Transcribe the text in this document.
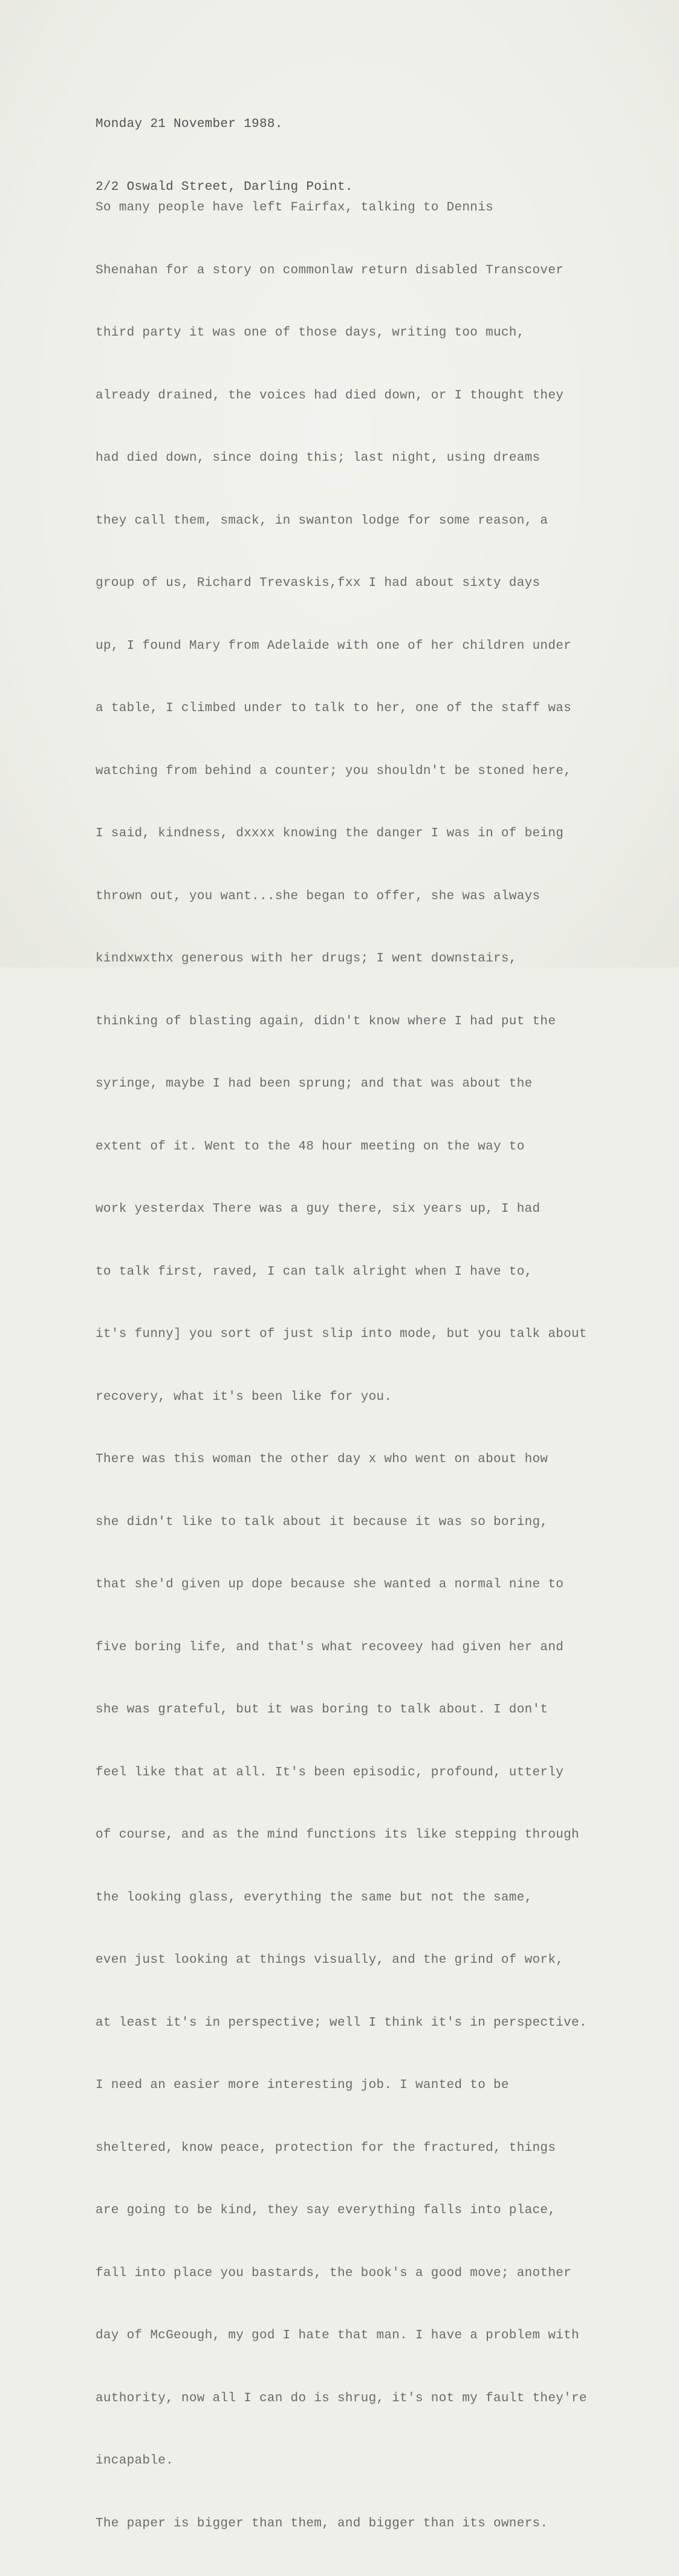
Monday 21 November 1988.

2/2 Oswald Street, Darling Point.

So many people have left Fairfax, talking to Dennis

Shenahan for a story on commonlaw return disabled Transcover

third party it was one of those days, writing too much,

already drained, the voices had died down, or I thought they

had died down, since doing this; last night, using dreams

they call them, smack, in swanton lodge for some reason, a

group of us, Richard Trevaskis,fxx I had about sixty days

up, I found Mary from Adelaide with one of her children under

a table, I climbed under to talk to her, one of the staff was

watching from behind a counter; you shouldn't be stoned here,

I said, kindness, dxxxx knowing the danger I was in of being

thrown out, you want...she began to offer, she was always

kindxwxthx generous with her drugs; I went downstairs,

thinking of blasting again, didn't know where I had put the

syringe, maybe I had been sprung; and that was about the

extent of it. Went to the 48 hour meeting on the way to

work yesterdax There was a guy there, six years up, I had

to talk first, raved, I can talk alright when I have to,

it's funny] you sort of just slip into mode, but you talk about

recovery, what it's been like for you.

There was this woman the other day x who went on about how

she didn't like to talk about it because it was so boring,

that she'd given up dope because she wanted a normal nine to

five boring life, and that's what recoveey had given her and

she was grateful, but it was boring to talk about. I don't

feel like that at all. It's been episodic, profound, utterly

of course, and as the mind functions its like stepping through

the looking glass, everything the same but not the same,

even just looking at things visually, and the grind of work,

at least it's in perspective; well I think it's in perspective.

I need an easier more interesting job. I wanted to be

sheltered, know peace, protection for the fractured, things

are going to be kind, they say everything falls into place,

fall into place you bastards, the book's a good move; another

day of McGeough, my god I hate that man. I have a problem with

authority, now all I can do is shrug, it's not my fault they're

incapable.

The paper is bigger than them, and bigger than its owners.
